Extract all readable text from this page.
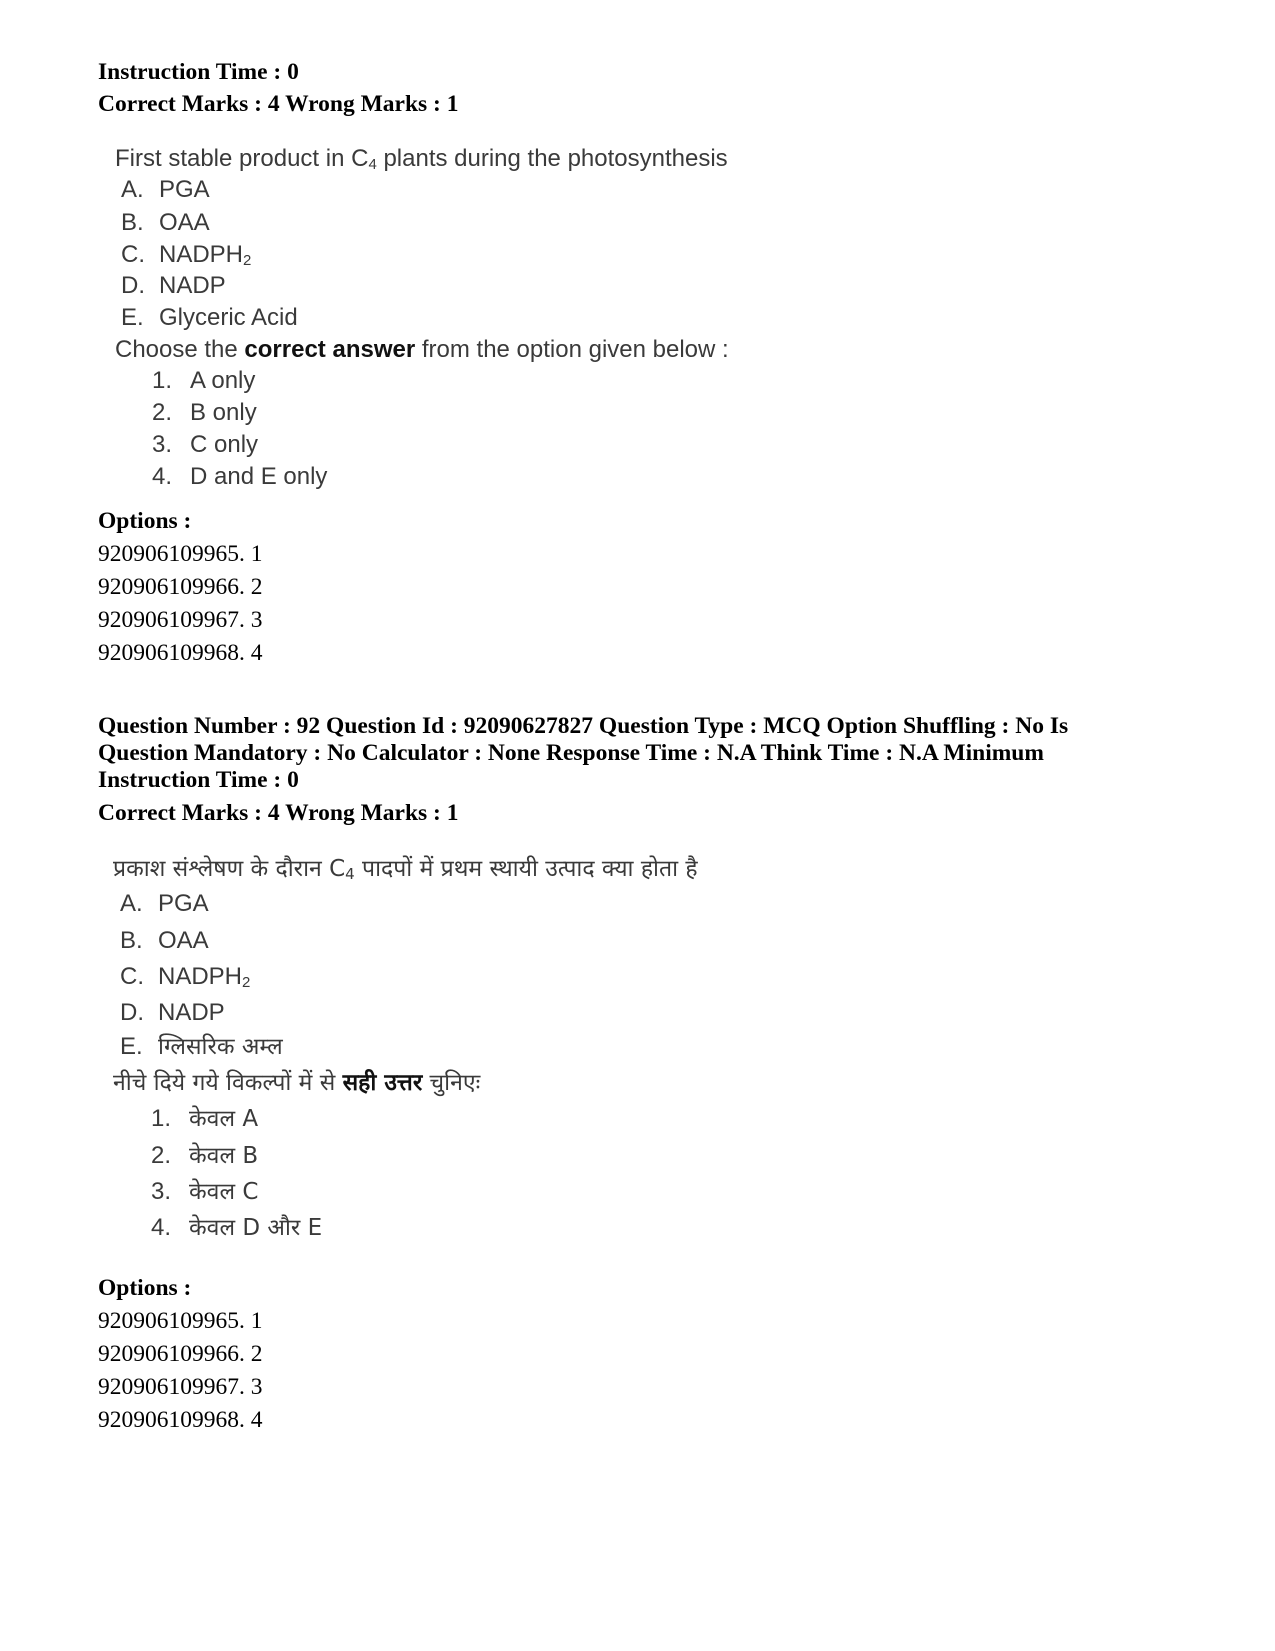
Instruction Time : 0
Correct Marks : 4 Wrong Marks : 1
First stable product in $C_4$ plants during the photosynthesis
A. PGA
B. OAA
C. $NADPH_2$
D. NADP
E. Glyceric Acid
Choose the correct answer from the option given below :
1. A only
2. B only
3. C only
4. D and E only
Options :
920906109965. 1
920906109966. 2
920906109967. 3
920906109968. 4
Question Number : 92 Question Id : 92090627827 Question Type : MCQ Option Shuffling : No Is
Question Mandatory : No Calculator : None Response Time : N.A Think Time : N.A Minimum
Instruction Time : 0
Correct Marks : 4 Wrong Marks : 1
प्रकाश संश्लेषण के दौरान $C_4$ पादपों में प्रथम स्थायी उत्पाद क्या होता है
A. PGA
B. OAA
C. $NADPH_2$
D. NADP
E. ग्लिसरिक अम्ल
नीचे दिये गये विकल्पों में से सही उत्तर चुनिएः
1. केवल A
2. केवल B
3. केवल C
4. केवल D और E
Options :
920906109965. 1
920906109966. 2
920906109967. 3
920906109968. 4
